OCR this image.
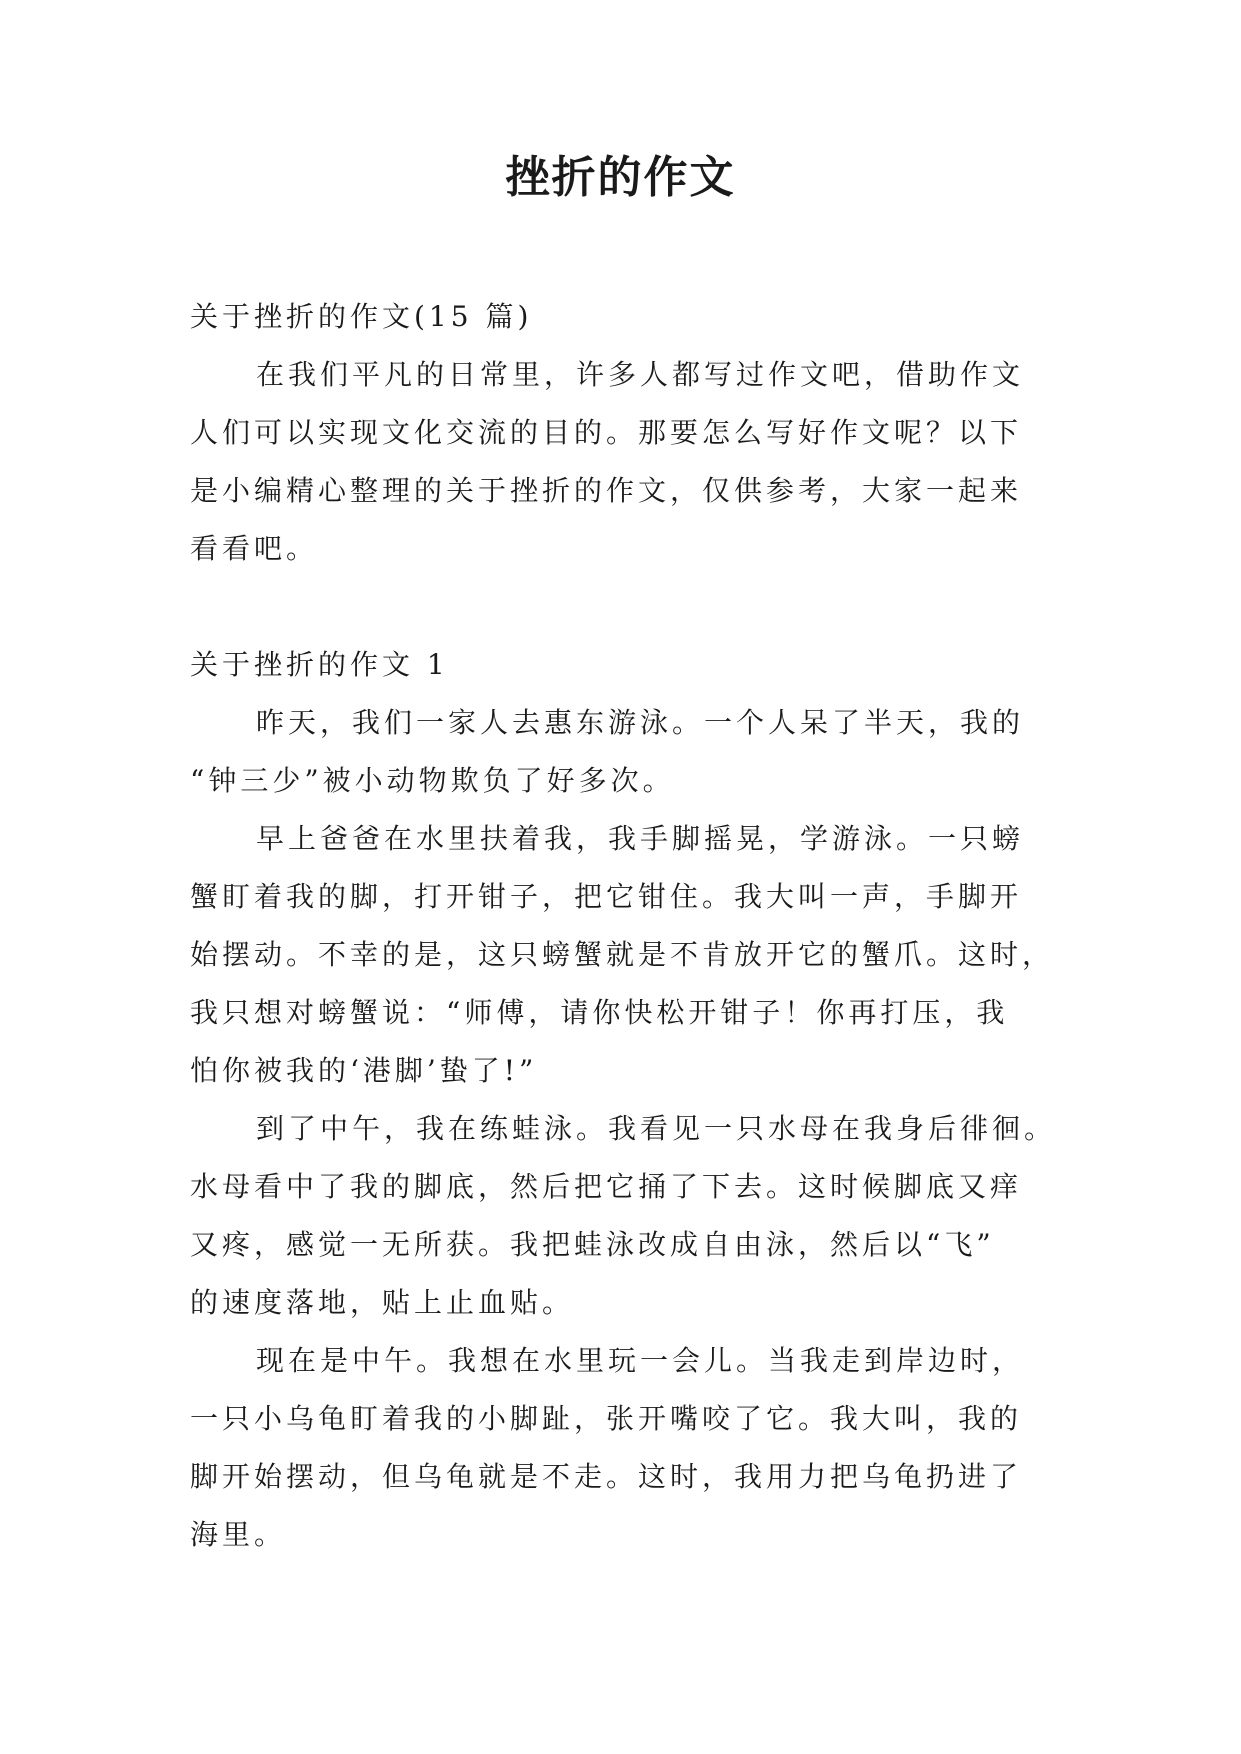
挫折的作文
关于挫折的作文(15 篇)
在我们平凡的日常里，许多人都写过作文吧，借助作文
人们可以实现文化交流的目的。那要怎么写好作文呢？以下
是小编精心整理的关于挫折的作文，仅供参考，大家一起来
看看吧。
关于挫折的作文 1
昨天，我们一家人去惠东游泳。一个人呆了半天，我的
“钟三少”被小动物欺负了好多次。
早上爸爸在水里扶着我，我手脚摇晃，学游泳。一只螃
蟹盯着我的脚，打开钳子，把它钳住。我大叫一声，手脚开
始摆动。不幸的是，这只螃蟹就是不肯放开它的蟹爪。这时，
我只想对螃蟹说：“师傅，请你快松开钳子！你再打压，我
怕你被我的‘港脚’蛰了!”
到了中午，我在练蛙泳。我看见一只水母在我身后徘徊。
水母看中了我的脚底，然后把它捅了下去。这时候脚底又痒
又疼，感觉一无所获。我把蛙泳改成自由泳，然后以“飞”
的速度落地，贴上止血贴。
现在是中午。我想在水里玩一会儿。当我走到岸边时，
一只小乌龟盯着我的小脚趾，张开嘴咬了它。我大叫，我的
脚开始摆动，但乌龟就是不走。这时，我用力把乌龟扔进了
海里。
